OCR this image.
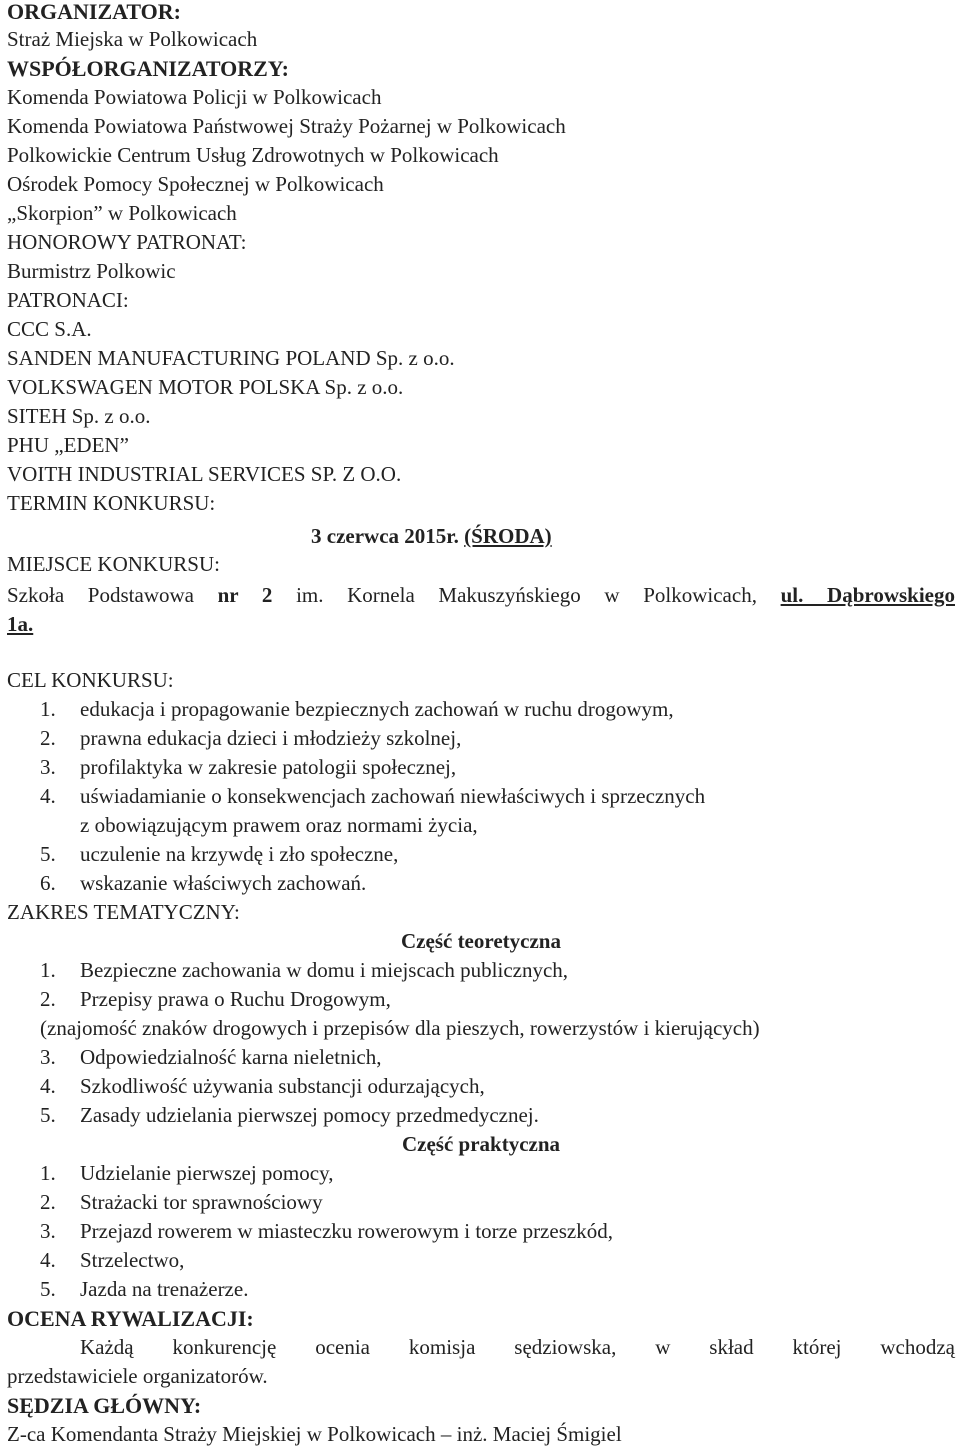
ORGANIZATOR:
Straż Miejska w Polkowicach
WSPÓŁORGANIZATORZY:
Komenda Powiatowa Policji w Polkowicach
Komenda Powiatowa Państwowej Straży Pożarnej w Polkowicach
Polkowickie Centrum Usług Zdrowotnych w Polkowicach
Ośrodek Pomocy Społecznej w Polkowicach
„Skorpion” w Polkowicach
HONOROWY PATRONAT:
Burmistrz Polkowic
PATRONACI:
CCC S.A.
SANDEN MANUFACTURING POLAND Sp. z o.o.
VOLKSWAGEN MOTOR POLSKA Sp. z o.o.
SITEH Sp. z o.o.
PHU „EDEN”
VOITH INDUSTRIAL SERVICES SP. Z O.O.
TERMIN KONKURSU:
3 czerwca 2015r. (ŚRODA)
MIEJSCE KONKURSU:
Szkoła Podstawowa nr 2 im. Kornela Makuszyńskiego w Polkowicach, ul. Dąbrowskiego
1a.
CEL KONKURSU:
1. edukacja i propagowanie bezpiecznych zachowań w ruchu drogowym,
2. prawna edukacja dzieci i młodzieży szkolnej,
3. profilaktyka w zakresie patologii społecznej,
4. uświadamianie o konsekwencjach zachowań niewłaściwych i sprzecznych
z obowiązującym prawem oraz normami życia,
5. uczulenie na krzywdę i zło społeczne,
6. wskazanie właściwych zachowań.
ZAKRES TEMATYCZNY:
Część teoretyczna
1. Bezpieczne zachowania w domu i miejscach publicznych,
2. Przepisy prawa o Ruchu Drogowym,
(znajomość znaków drogowych i przepisów dla pieszych, rowerzystów i kierujących)
3. Odpowiedzialność karna nieletnich,
4. Szkodliwość używania substancji odurzających,
5. Zasady udzielania pierwszej pomocy przedmedycznej.
Część praktyczna
1. Udzielanie pierwszej pomocy,
2. Strażacki tor sprawnościowy
3. Przejazd rowerem w miasteczku rowerowym i torze przeszkód,
4. Strzelectwo,
5. Jazda na trenażerze.
OCENA RYWALIZACJI:
Każdą konkurencję ocenia komisja sędziowska, w skład której wchodzą
przedstawiciele organizatorów.
SĘDZIA GŁÓWNY:
Z-ca Komendanta Straży Miejskiej w Polkowicach – inż. Maciej Śmigiel
